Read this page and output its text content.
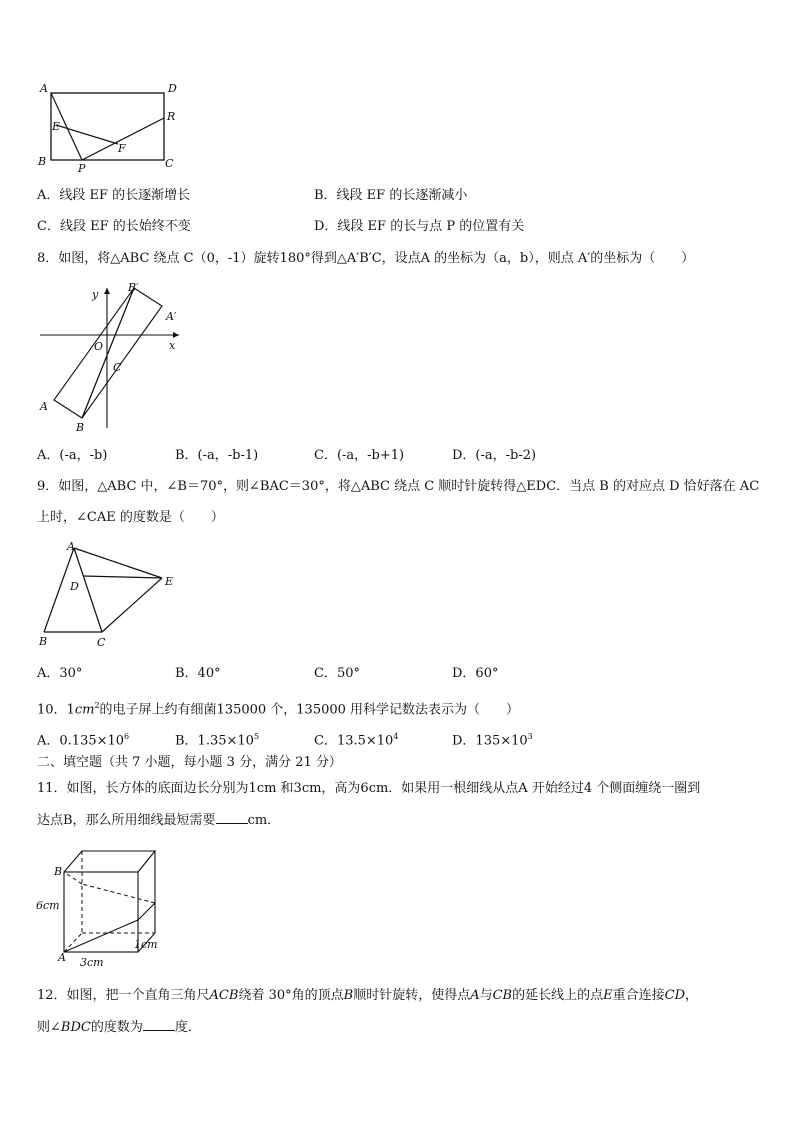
A	D
E
R
F
B
P	C
A．线段 EF 的长逐渐增长	B．线段 EF 的长逐渐减小
C．线段 EF 的长始终不变	D．线段 EF 的长与点 P 的位置有关
8．如图，将△ABC 绕点 C（0，-1）旋转180°得到△A′B′C，设点A 的坐标为（a，b），则点 A′的坐标为（　　）
y
B′
A′
O	x
C
A
B
A．(-a，-b)	B．(-a，-b-1)	C．(-a，-b+1)	D．(-a，-b-2)
9．如图，△ABC 中，∠B＝70°，则∠BAC＝30°，将△ABC 绕点 C 顺时针旋转得△EDC．当点 B 的对应点 D 恰好落在 AC
上时，∠CAE 的度数是（　　）
A
D	E
B	C
A．30°	B．40°	C．50°	D．60°
10．$1cm^2$的电子屏上约有细菌135000 个，135000 用科学记数法表示为（　　）
A．$0.135\times 10^6$	B．$1.35\times 10^5$	C．$13.5\times 10^4$	D．$135\times 10^3$
二、填空题（共 7 小题，每小题 3 分，满分 21 分）
11．如图，长方体的底面边长分别为1cm 和3cm，高为6cm．如果用一根细线从点A 开始经过4 个侧面缠绕一圈到
达点B，那么所用细线最短需要 cm．
B
6cm
A
1cm
3cm
12．如图，把一个直角三角尺ACB绕着 30°角的顶点B顺时针旋转，使得点A与CB的延长线上的点E重合连接CD，
则∠BDC的度数为 度．
